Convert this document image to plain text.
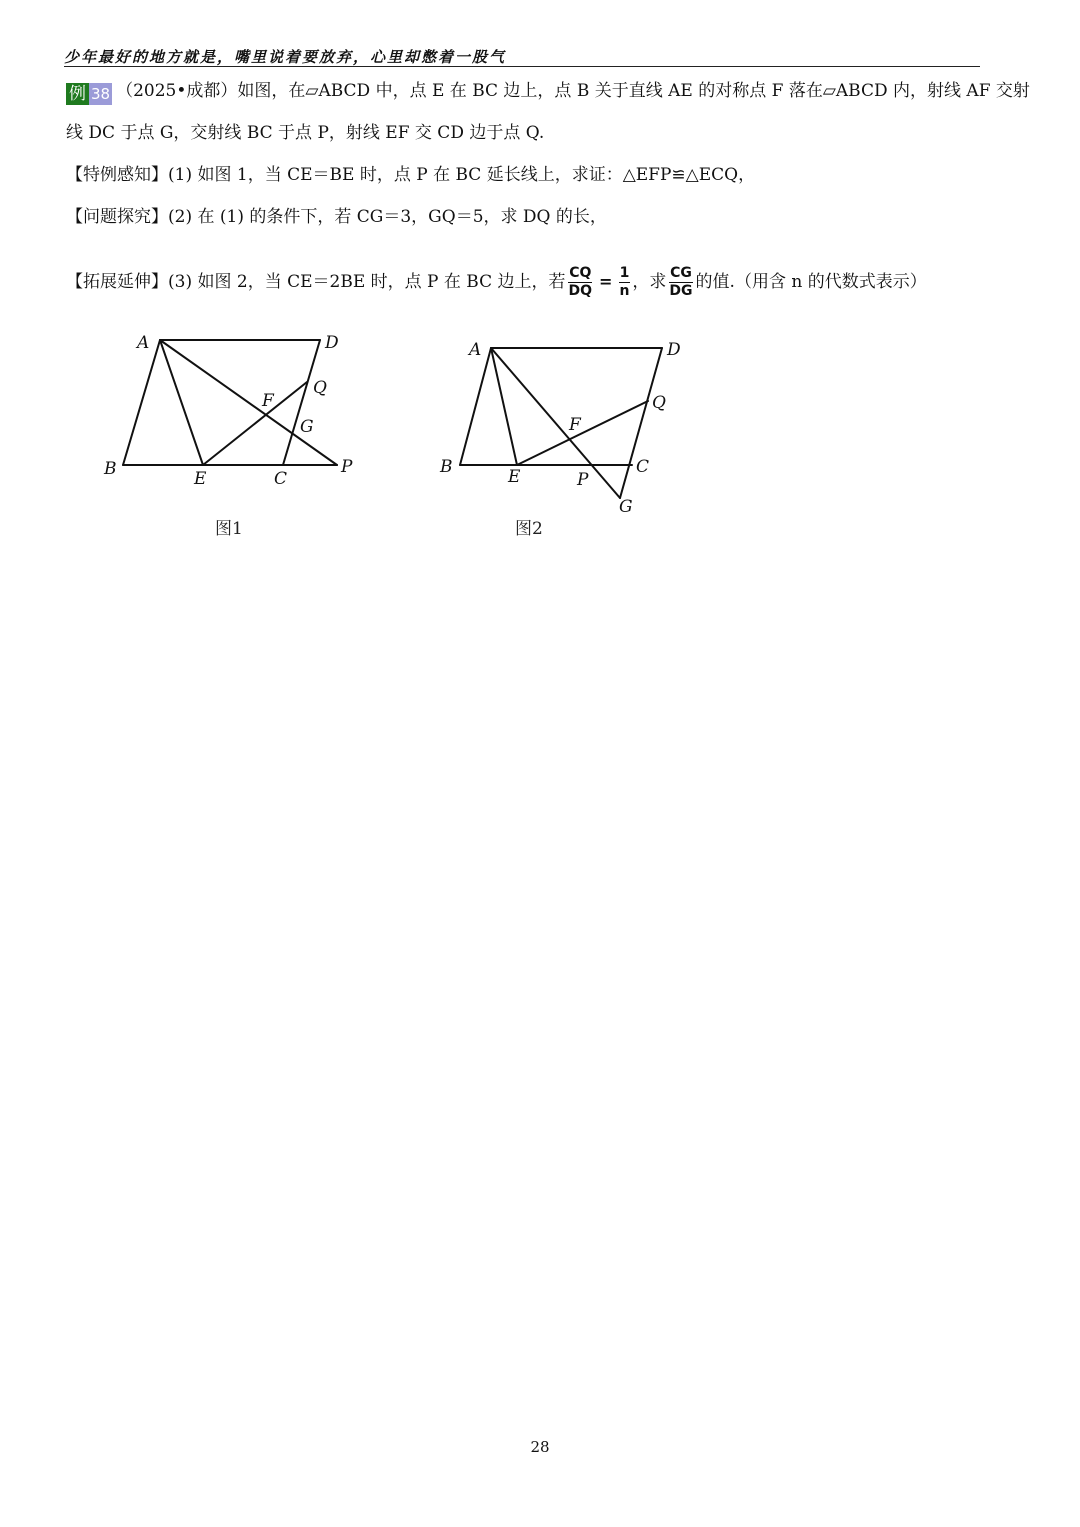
少年最好的地方就是，嘴里说着要放弃，心里却憋着一股气
例 38 （2025•成都）如图，在▱ABCD 中，点 E 在 BC 边上，点 B 关于直线 AE 的对称点 F 落在▱ABCD 内，射线 AF 交射
线 DC 于点 G，交射线 BC 于点 P，射线 EF 交 CD 边于点 Q.
【特例感知】(1) 如图 1，当 CE＝BE 时，点 P 在 BC 延长线上，求证：△EFP≌△ECQ，
【问题探究】(2) 在 (1) 的条件下，若 CG＝3，GQ＝5，求 DQ 的长，
【拓展延伸】(3) 如图 2，当 CE＝2BE 时，点 P 在 BC 边上，若 $\frac{CQ}{DQ} = \frac{1}{n}$ ，求 $\frac{CG}{DG}$ 的值.（用含 n 的代数式表示）
A
B	C
D
E
F
G
P
Q
A
B	C
D
E
F
G
P
Q
图1	图2
28
